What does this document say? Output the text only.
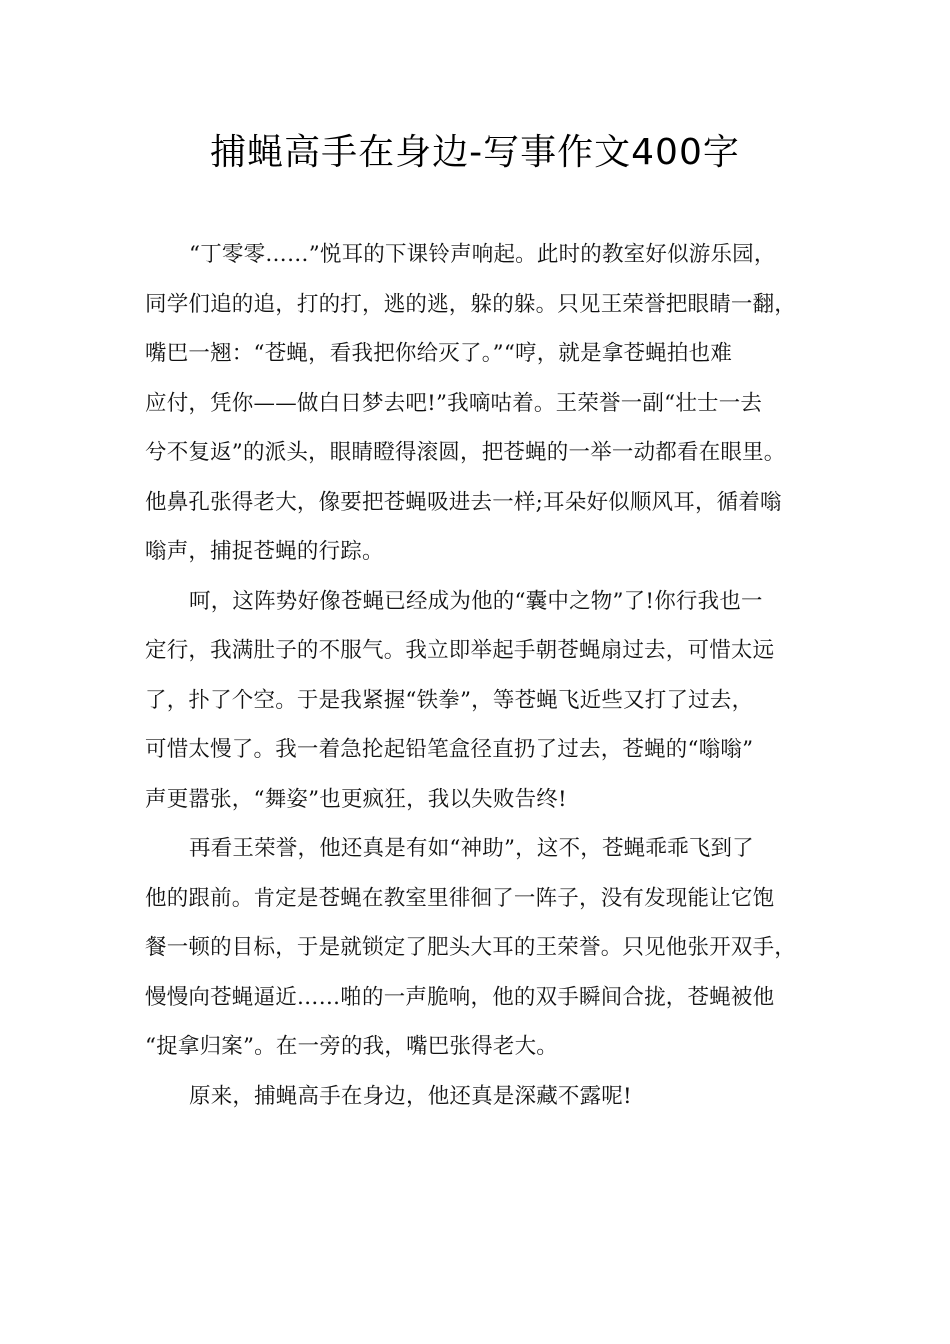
捕蝇高手在身边-写事作文400字
“丁零零……”悦耳的下课铃声响起。此时的教室好似游乐园，
同学们追的追，打的打，逃的逃，躲的躲。只见王荣誉把眼睛一翻，
嘴巴一翘：“苍蝇，看我把你给灭了。”“哼，就是拿苍蝇拍也难
应付，凭你——做白日梦去吧!”我嘀咕着。王荣誉一副“壮士一去
兮不复返”的派头，眼睛瞪得滚圆，把苍蝇的一举一动都看在眼里。
他鼻孔张得老大，像要把苍蝇吸进去一样;耳朵好似顺风耳，循着嗡
嗡声，捕捉苍蝇的行踪。
呵，这阵势好像苍蝇已经成为他的“囊中之物”了!你行我也一
定行，我满肚子的不服气。我立即举起手朝苍蝇扇过去，可惜太远
了，扑了个空。于是我紧握“铁拳”，等苍蝇飞近些又打了过去，
可惜太慢了。我一着急抡起铅笔盒径直扔了过去，苍蝇的“嗡嗡”
声更嚣张，“舞姿”也更疯狂，我以失败告终!
再看王荣誉，他还真是有如“神助”，这不，苍蝇乖乖飞到了
他的跟前。肯定是苍蝇在教室里徘徊了一阵子，没有发现能让它饱
餐一顿的目标，于是就锁定了肥头大耳的王荣誉。只见他张开双手，
慢慢向苍蝇逼近……啪的一声脆响，他的双手瞬间合拢，苍蝇被他
“捉拿归案”。在一旁的我，嘴巴张得老大。
原来，捕蝇高手在身边，他还真是深藏不露呢!
